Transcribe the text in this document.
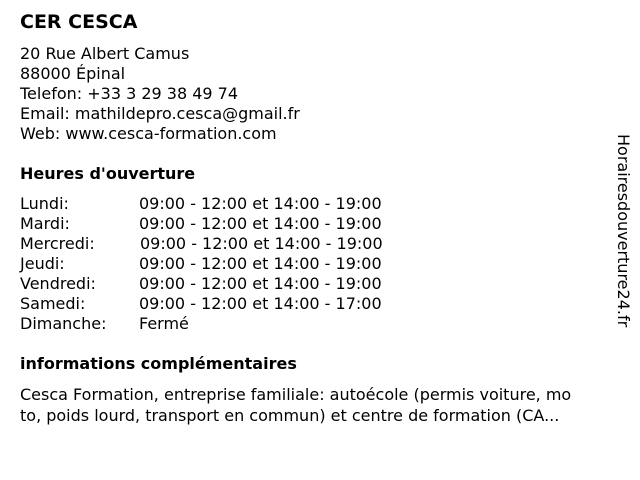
CER CESCA
20 Rue Albert Camus
88000 Épinal
Telefon: +33 3 29 38 49 74
Email: mathildepro.cesca@gmail.fr
Web: www.cesca-formation.com
Heures d'ouverture
Lundi:	09:00 - 12:00 et 14:00 - 19:00
Mardi:	09:00 - 12:00 et 14:00 - 19:00
Mercredi:	09:00 - 12:00 et 14:00 - 19:00
Jeudi:	09:00 - 12:00 et 14:00 - 19:00
Vendredi:	09:00 - 12:00 et 14:00 - 19:00
Samedi:	09:00 - 12:00 et 14:00 - 17:00
Dimanche: Fermé
informations complémentaires
Cesca Formation, entreprise familiale: autoécole (permis voiture, mo
to, poids lourd, transport en commun) et centre de formation (CA...
Horairesdouverture24.fr
